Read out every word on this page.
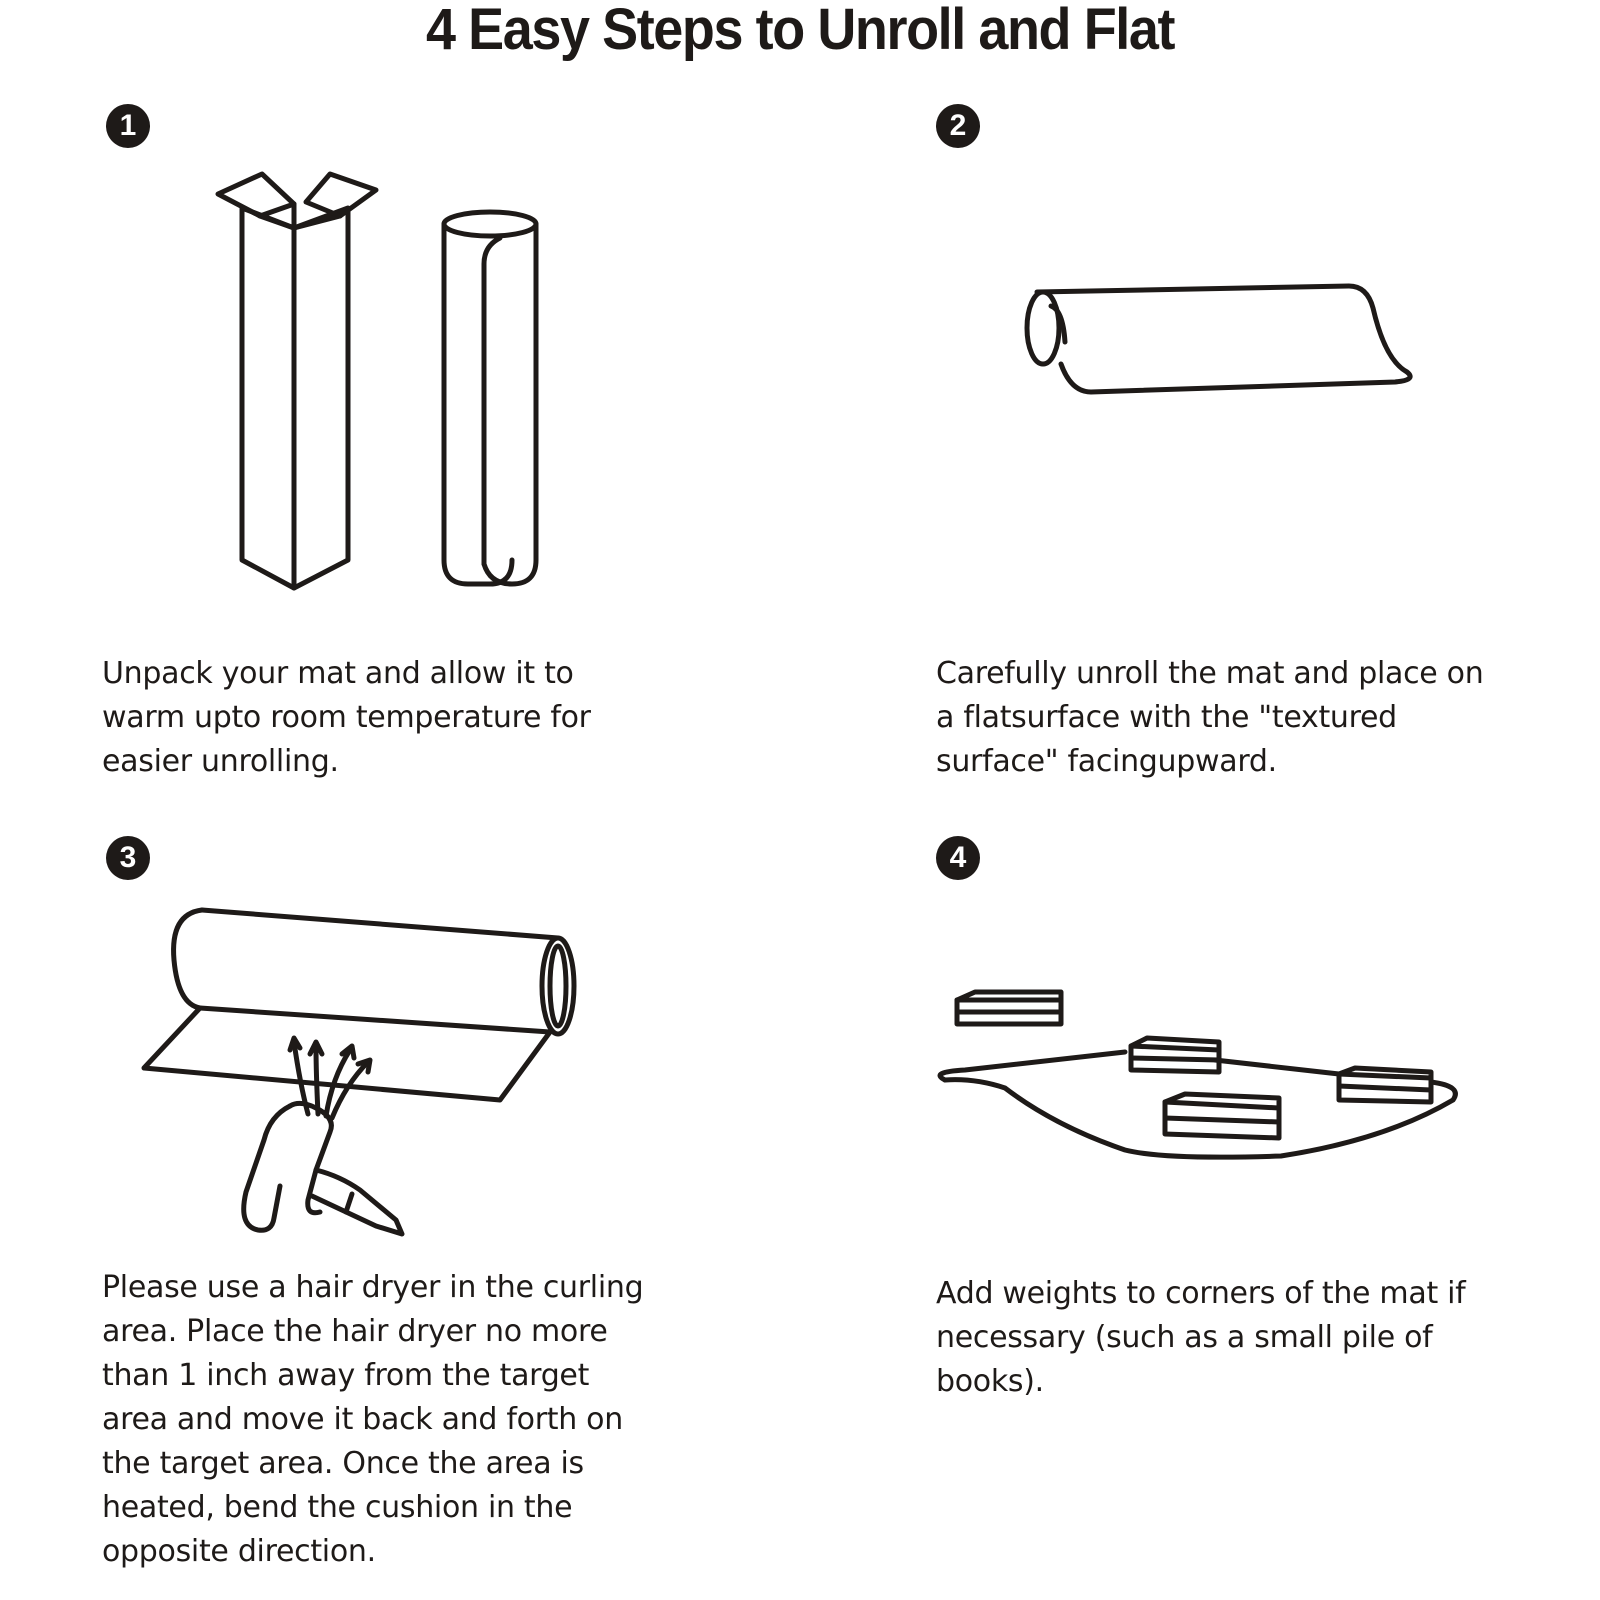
4 Easy Steps to Unroll and Flat
1

Unpack your mat and allow it to warm upto room temperature for easier unrolling.

2

Carefully unroll the mat and place on a flatsurface with the "textured surface" facingupward.

3

Please use a hair dryer in the curling area. Place the hair dryer no more than 1 inch away from the target area and move it back and forth on the target area. Once the area is heated, bend the cushion in the opposite direction.

4

Add weights to corners of the mat if necessary (such as a small pile of books).
